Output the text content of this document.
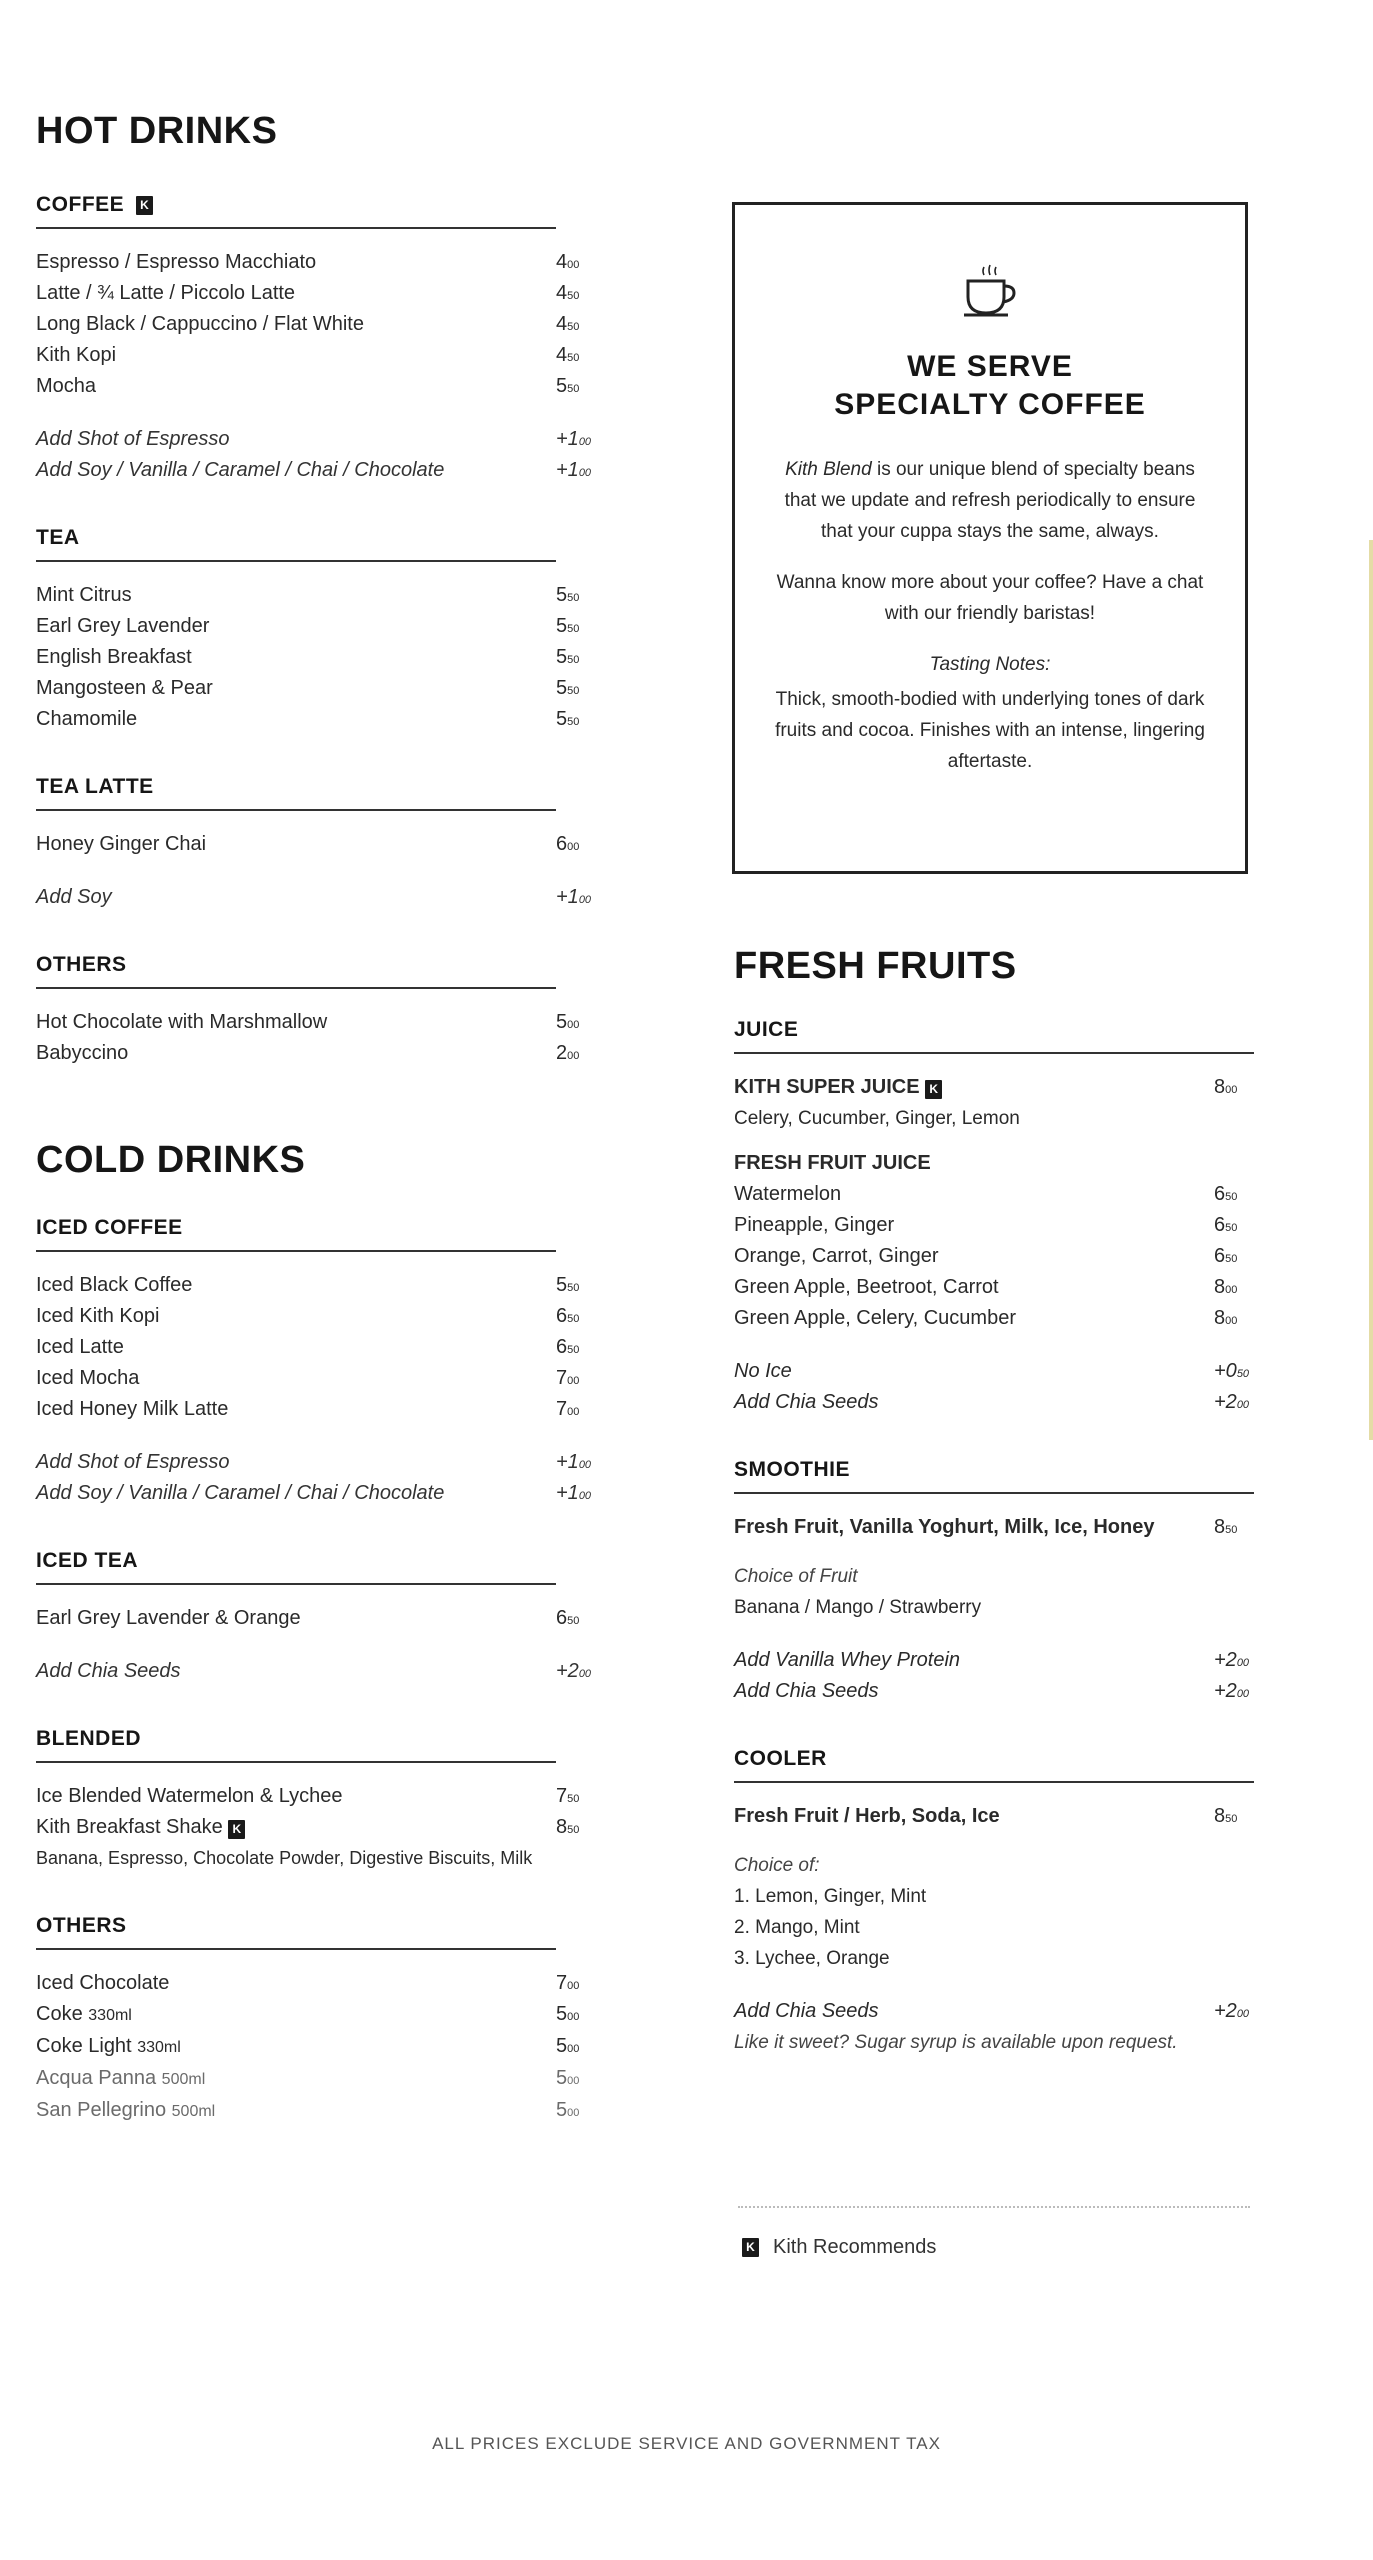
HOT DRINKS
COFFEE	K
Espresso / Espresso Macchiato	$4^{00}$
Latte / ¾ Latte / Piccolo Latte	$4^{50}$
Long Black / Cappuccino / Flat White	$4^{50}$
Kith Kopi	$4^{50}$
Mocha	$5^{50}$
Add Shot of Espresso	$+1^{00}$
Add Soy / Vanilla / Caramel / Chai / Chocolate	$+1^{00}$
TEA
Mint Citrus	$5^{50}$
Earl Grey Lavender	$5^{50}$
English Breakfast	$5^{50}$
Mangosteen & Pear	$5^{50}$
Chamomile	$5^{50}$
TEA LATTE
Honey Ginger Chai	$6^{00}$
Add Soy	$+1^{00}$
OTHERS
Hot Chocolate with Marshmallow	$5^{00}$
Babyccino	$2^{00}$
COLD DRINKS
ICED COFFEE
Iced Black Coffee	$5^{50}$
Iced Kith Kopi	$6^{50}$
Iced Latte	$6^{50}$
Iced Mocha	$7^{00}$
Iced Honey Milk Latte	$7^{00}$
Add Shot of Espresso	$+1^{00}$
Add Soy / Vanilla / Caramel / Chai / Chocolate	$+1^{00}$
ICED TEA
Earl Grey Lavender & Orange	$6^{50}$
Add Chia Seeds	$+2^{00}$
BLENDED
Ice Blended Watermelon & Lychee	$7^{50}$
Kith Breakfast Shake K	$8^{50}$
Banana, Espresso, Chocolate Powder, Digestive Biscuits, Milk
OTHERS
Iced Chocolate	$7^{00}$
Coke 330ml	$5^{00}$
Coke Light 330ml	$5^{00}$
Acqua Panna 500ml	$5^{00}$
San Pellegrino 500ml	$5^{00}$
WE SERVE
SPECIALTY COFFEE

Kith Blend is our unique blend of specialty beans that we update and refresh periodically to ensure that your cuppa stays the same, always.

Wanna know more about your coffee? Have a chat with our friendly baristas!

Tasting Notes:

Thick, smooth-bodied with underlying tones of dark fruits and cocoa. Finishes with an intense, lingering aftertaste.

FRESH FRUITS
JUICE
KITH SUPER JUICE K	$8^{00}$
Celery, Cucumber, Ginger, Lemon
FRESH FRUIT JUICE
Watermelon	$6^{50}$
Pineapple, Ginger	$6^{50}$
Orange, Carrot, Ginger	$6^{50}$
Green Apple, Beetroot, Carrot	$8^{00}$
Green Apple, Celery, Cucumber	$8^{00}$
No Ice	$+0^{50}$
Add Chia Seeds	$+2^{00}$
SMOOTHIE
Fresh Fruit, Vanilla Yoghurt, Milk, Ice, Honey	$8^{50}$
Choice of Fruit
Banana / Mango / Strawberry
Add Vanilla Whey Protein	$+2^{00}$
Add Chia Seeds	$+2^{00}$
COOLER
Fresh Fruit / Herb, Soda, Ice	$8^{50}$
Choice of:
1. Lemon, Ginger, Mint
2. Mango, Mint
3. Lychee, Orange
Add Chia Seeds	$+2^{00}$
Like it sweet? Sugar syrup is available upon request.
K Kith Recommends
ALL PRICES EXCLUDE SERVICE AND GOVERNMENT TAX
